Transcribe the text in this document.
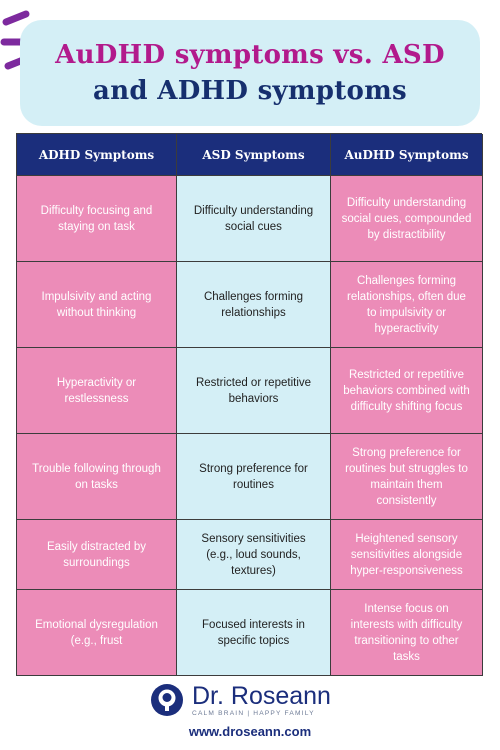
AuDHD symptoms vs. ASD
and ADHD symptoms
ADHD Symptoms	ASD Symptoms	AuDHD Symptoms
Difficulty focusing and staying on task
Difficulty understanding social cues
Difficulty understanding social cues, compounded by distractibility
Impulsivity and acting without thinking
Challenges forming relationships
Challenges forming relationships, often due to impulsivity or hyperactivity
Hyperactivity or restlessness
Restricted or repetitive behaviors
Restricted or repetitive behaviors combined with difficulty shifting focus
Trouble following through on tasks
Strong preference for routines
Strong preference for routines but struggles to maintain them consistently
Easily distracted by surroundings
Sensory sensitivities (e.g., loud sounds, textures)
Heightened sensory sensitivities alongside hyper-responsiveness
Emotional dysregulation (e.g., frust
Focused interests in specific topics
Intense focus on interests with difficulty transitioning to other tasks
Dr. Roseann
CALM BRAIN | HAPPY FAMILY
www.droseann.com
